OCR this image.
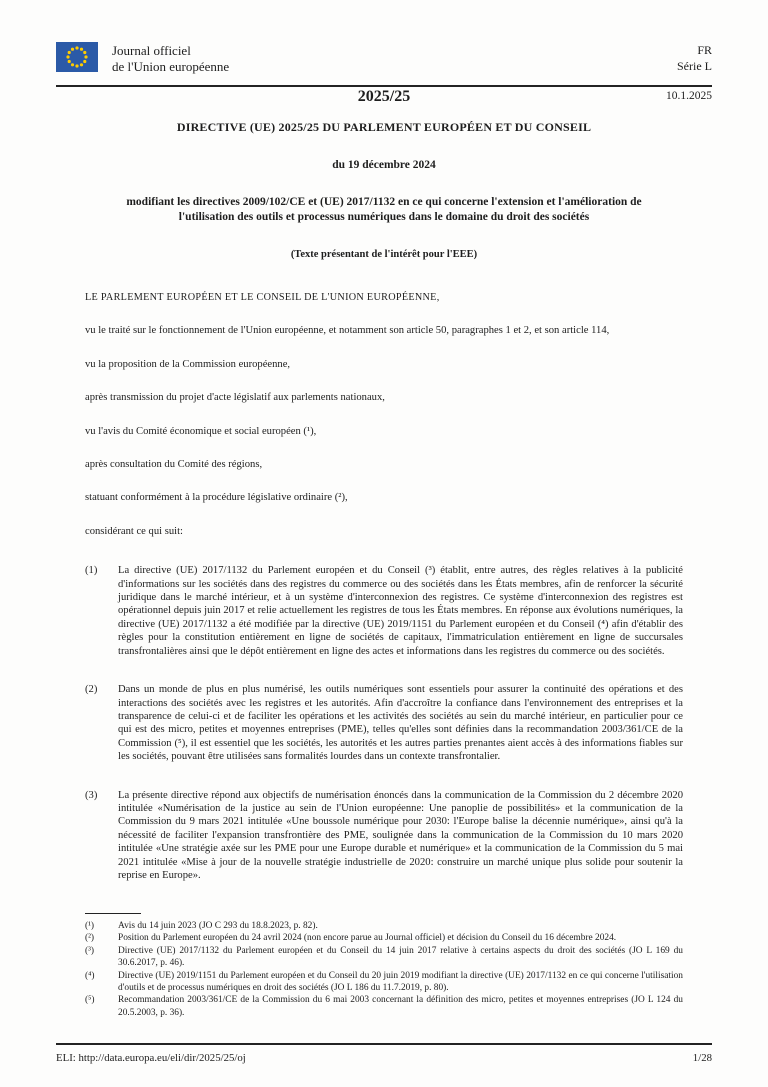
Journal officiel
de l'Union européenne
FR
Série L
2025/25	10.1.2025
DIRECTIVE (UE) 2025/25 DU PARLEMENT EUROPÉEN ET DU CONSEIL
du 19 décembre 2024
modifiant les directives 2009/102/CE et (UE) 2017/1132 en ce qui concerne l'extension et l'amélioration de l'utilisation des outils et processus numériques dans le domaine du droit des sociétés
(Texte présentant de l'intérêt pour l'EEE)

LE PARLEMENT EUROPÉEN ET LE CONSEIL DE L'UNION EUROPÉENNE,

vu le traité sur le fonctionnement de l'Union européenne, et notamment son article 50, paragraphes 1 et 2, et son article 114,

vu la proposition de la Commission européenne,

après transmission du projet d'acte législatif aux parlements nationaux,

vu l'avis du Comité économique et social européen (¹),

après consultation du Comité des régions,

statuant conformément à la procédure législative ordinaire (²),

considérant ce qui suit:

(1)	La directive (UE) 2017/1132 du Parlement européen et du Conseil (³) établit, entre autres, des règles relatives à la publicité d'informations sur les sociétés dans des registres du commerce ou des sociétés dans les États membres, afin de renforcer la sécurité juridique dans le marché intérieur, et à un système d'interconnexion des registres. Ce système d'interconnexion des registres est opérationnel depuis juin 2017 et relie actuellement les registres de tous les États membres. En réponse aux évolutions numériques, la directive (UE) 2017/1132 a été modifiée par la directive (UE) 2019/1151 du Parlement européen et du Conseil (⁴) afin d'établir des règles pour la constitution entièrement en ligne de sociétés de capitaux, l'immatriculation entièrement en ligne de succursales transfrontalières ainsi que le dépôt entièrement en ligne des actes et informations dans les registres du commerce ou des sociétés.
(2)	Dans un monde de plus en plus numérisé, les outils numériques sont essentiels pour assurer la continuité des opérations et des interactions des sociétés avec les registres et les autorités. Afin d'accroître la confiance dans l'environnement des entreprises et la transparence de celui-ci et de faciliter les opérations et les activités des sociétés au sein du marché intérieur, en particulier pour ce qui est des micro, petites et moyennes entreprises (PME), telles qu'elles sont définies dans la recommandation 2003/361/CE de la Commission (⁵), il est essentiel que les sociétés, les autorités et les autres parties prenantes aient accès à des informations fiables sur les sociétés, pouvant être utilisées sans formalités lourdes dans un contexte transfrontalier.
(3)	La présente directive répond aux objectifs de numérisation énoncés dans la communication de la Commission du 2 décembre 2020 intitulée «Numérisation de la justice au sein de l'Union européenne: Une panoplie de possibilités» et la communication de la Commission du 9 mars 2021 intitulée «Une boussole numérique pour 2030: l'Europe balise la décennie numérique», ainsi qu'à la nécessité de faciliter l'expansion transfrontière des PME, soulignée dans la communication de la Commission du 10 mars 2020 intitulée «Une stratégie axée sur les PME pour une Europe durable et numérique» et la communication de la Commission du 5 mai 2021 intitulée «Mise à jour de la nouvelle stratégie industrielle de 2020: construire un marché unique plus solide pour soutenir la reprise en Europe».
(¹)	Avis du 14 juin 2023 (JO C 293 du 18.8.2023, p. 82).
(²)	Position du Parlement européen du 24 avril 2024 (non encore parue au Journal officiel) et décision du Conseil du 16 décembre 2024.
(³)	Directive (UE) 2017/1132 du Parlement européen et du Conseil du 14 juin 2017 relative à certains aspects du droit des sociétés (JO L 169 du 30.6.2017, p. 46).
(⁴)	Directive (UE) 2019/1151 du Parlement européen et du Conseil du 20 juin 2019 modifiant la directive (UE) 2017/1132 en ce qui concerne l'utilisation d'outils et de processus numériques en droit des sociétés (JO L 186 du 11.7.2019, p. 80).
(⁵)	Recommandation 2003/361/CE de la Commission du 6 mai 2003 concernant la définition des micro, petites et moyennes entreprises (JO L 124 du 20.5.2003, p. 36).
ELI: http://data.europa.eu/eli/dir/2025/25/oj	1/28
